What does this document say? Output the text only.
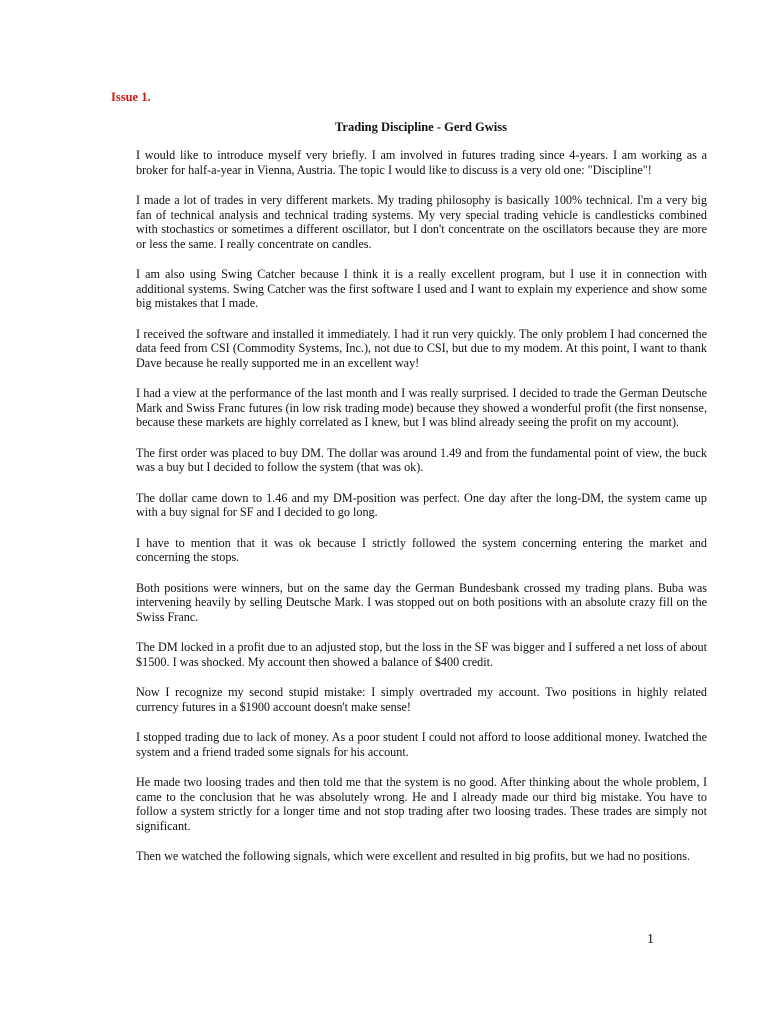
Issue 1.
Trading Discipline - Gerd Gwiss

I would like to introduce myself very briefly. I am involved in futures trading since 4-years. I am working as a broker for half-a-year in Vienna, Austria. The topic I would like to discuss is a very old one: "Discipline"!

I made a lot of trades in very different markets. My trading philosophy is basically 100% technical. I'm a very big fan of technical analysis and technical trading systems. My very special trading vehicle is candlesticks combined with stochastics or sometimes a different oscillator, but I don't concentrate on the oscillators because they are more or less the same. I really concentrate on candles.

I am also using Swing Catcher because I think it is a really excellent program, but I use it in connection with additional systems. Swing Catcher was the first software I used and I want to explain my experience and show some big mistakes that I made.

I received the software and installed it immediately. I had it run very quickly. The only problem I had concerned the data feed from CSI (Commodity Systems, Inc.), not due to CSI, but due to my modem. At this point, I want to thank Dave because he really supported me in an excellent way!

I had a view at the performance of the last month and I was really surprised. I decided to trade the German Deutsche Mark and Swiss Franc futures (in low risk trading mode) because they showed a wonderful profit (the first nonsense, because these markets are highly correlated as I knew, but I was blind already seeing the profit on my account).

The first order was placed to buy DM. The dollar was around 1.49 and from the fundamental point of view, the buck was a buy but I decided to follow the system (that was ok).

The dollar came down to 1.46 and my DM-position was perfect. One day after the long-DM, the system came up with a buy signal for SF and I decided to go long.

I have to mention that it was ok because I strictly followed the system concerning entering the market and concerning the stops.

Both positions were winners, but on the same day the German Bundesbank crossed my trading plans. Buba was intervening heavily by selling Deutsche Mark. I was stopped out on both positions with an absolute crazy fill on the Swiss Franc.

The DM locked in a profit due to an adjusted stop, but the loss in the SF was bigger and I suffered a net loss of about $1500. I was shocked. My account then showed a balance of $400 credit.

Now I recognize my second stupid mistake: I simply overtraded my account. Two positions in highly related currency futures in a $1900 account doesn't make sense!

I stopped trading due to lack of money. As a poor student I could not afford to loose additional money. Iwatched the system and a friend traded some signals for his account.

He made two loosing trades and then told me that the system is no good. After thinking about the whole problem, I came to the conclusion that he was absolutely wrong. He and I already made our third big mistake. You have to follow a system strictly for a longer time and not stop trading after two loosing trades. These trades are simply not significant.

Then we watched the following signals, which were excellent and resulted in big profits, but we had no positions.

1
